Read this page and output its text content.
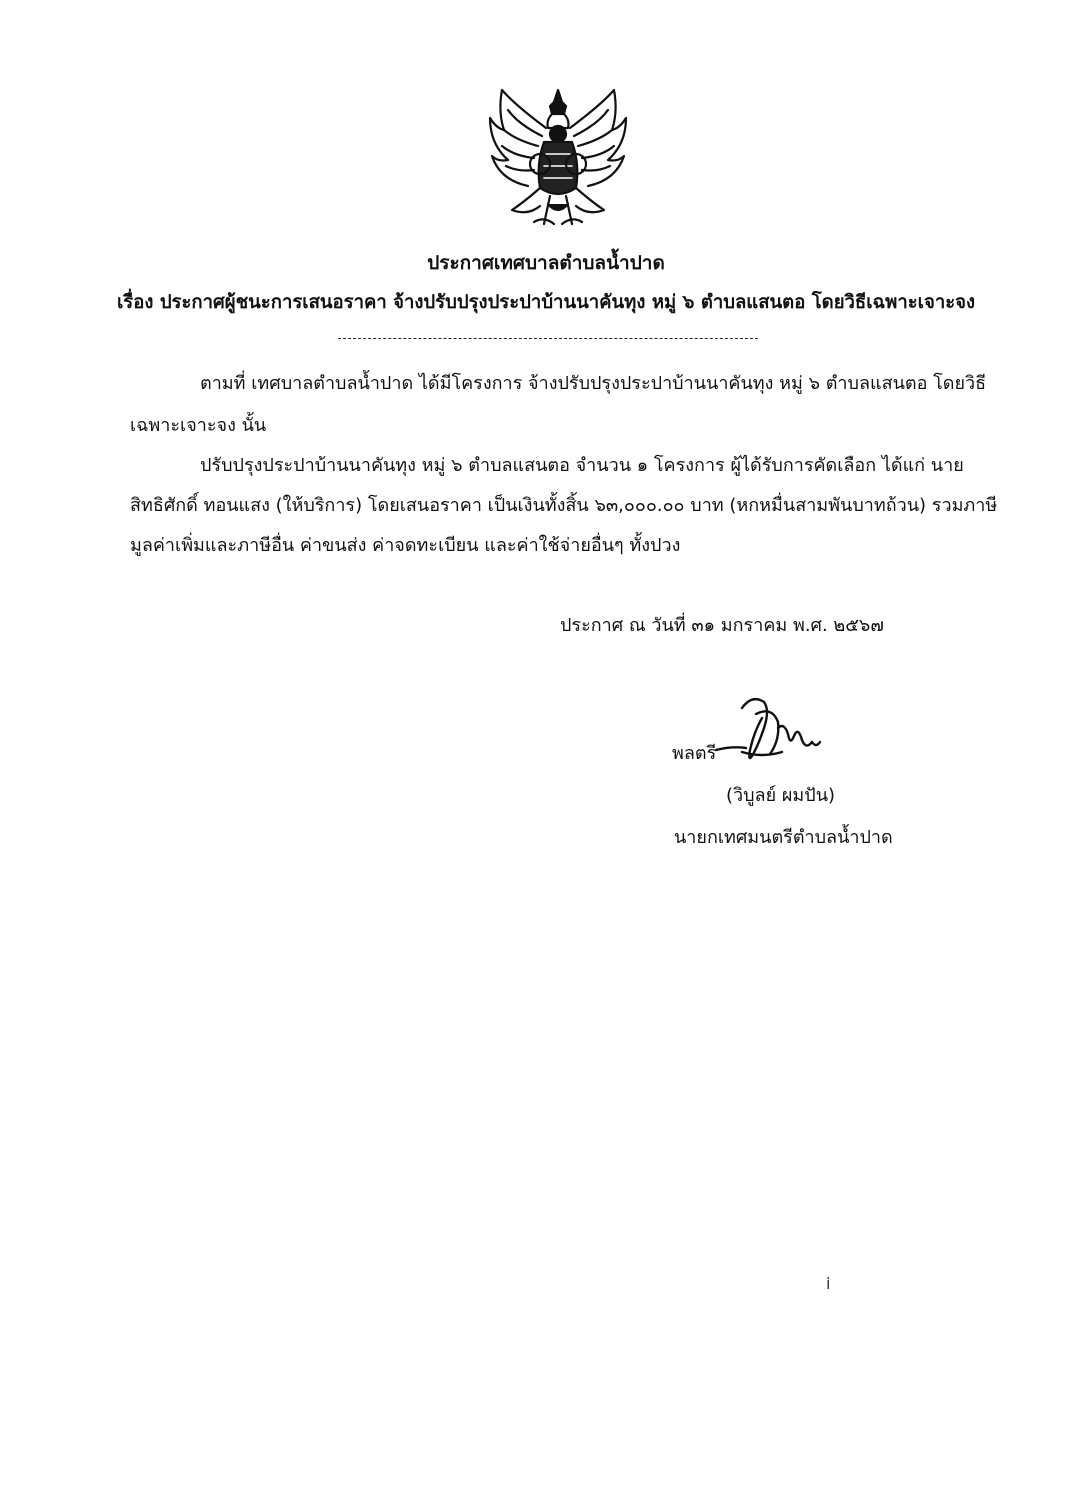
ประกาศเทศบาลตำบลน้ำปาด
เรื่อง ประกาศผู้ชนะการเสนอราคา จ้างปรับปรุงประปาบ้านนาคันทุง หมู่ ๖ ตำบลแสนตอ โดยวิธีเฉพาะเจาะจง
ตามที่ เทศบาลตำบลน้ำปาด ได้มีโครงการ จ้างปรับปรุงประปาบ้านนาคันทุง หมู่ ๖ ตำบลแสนตอ โดยวิธี
เฉพาะเจาะจง นั้น
ปรับปรุงประปาบ้านนาคันทุง หมู่ ๖ ตำบลแสนตอ จำนวน ๑ โครงการ ผู้ได้รับการคัดเลือก ได้แก่ นาย
สิทธิศักดิ์ ทอนแสง (ให้บริการ) โดยเสนอราคา เป็นเงินทั้งสิ้น ๖๓,๐๐๐.๐๐ บาท (หกหมื่นสามพันบาทถ้วน) รวมภาษี
มูลค่าเพิ่มและภาษีอื่น ค่าขนส่ง ค่าจดทะเบียน และค่าใช้จ่ายอื่นๆ ทั้งปวง
ประกาศ ณ วันที่ ๓๑ มกราคม พ.ศ. ๒๕๖๗
พลตรี
(วิบูลย์ ผมปัน)
นายกเทศมนตรีตำบลน้ำปาด
i
